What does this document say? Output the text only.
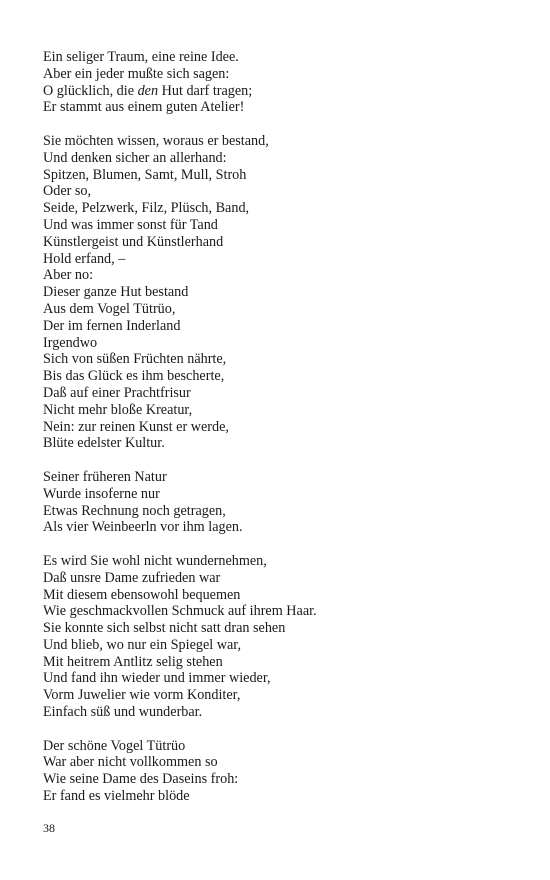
Ein seliger Traum, eine reine Idee.
Aber ein jeder mußte sich sagen:
O glücklich, die den Hut darf tragen;
Er stammt aus einem guten Atelier!
Sie möchten wissen, woraus er bestand,
Und denken sicher an allerhand:
Spitzen, Blumen, Samt, Mull, Stroh
Oder so,
Seide, Pelzwerk, Filz, Plüsch, Band,
Und was immer sonst für Tand
Künstlergeist und Künstlerhand
Hold erfand, –
Aber no:
Dieser ganze Hut bestand
Aus dem Vogel Tütrüo,
Der im fernen Inderland
Irgendwo
Sich von süßen Früchten nährte,
Bis das Glück es ihm bescherte,
Daß auf einer Prachtfrisur
Nicht mehr bloße Kreatur,
Nein: zur reinen Kunst er werde,
Blüte edelster Kultur.
Seiner früheren Natur
Wurde insoferne nur
Etwas Rechnung noch getragen,
Als vier Weinbeerln vor ihm lagen.
Es wird Sie wohl nicht wundernehmen,
Daß unsre Dame zufrieden war
Mit diesem ebensowohl bequemen
Wie geschmackvollen Schmuck auf ihrem Haar.
Sie konnte sich selbst nicht satt dran sehen
Und blieb, wo nur ein Spiegel war,
Mit heitrem Antlitz selig stehen
Und fand ihn wieder und immer wieder,
Vorm Juwelier wie vorm Konditer,
Einfach süß und wunderbar.
Der schöne Vogel Tütrüo
War aber nicht vollkommen so
Wie seine Dame des Daseins froh:
Er fand es vielmehr blöde
38
